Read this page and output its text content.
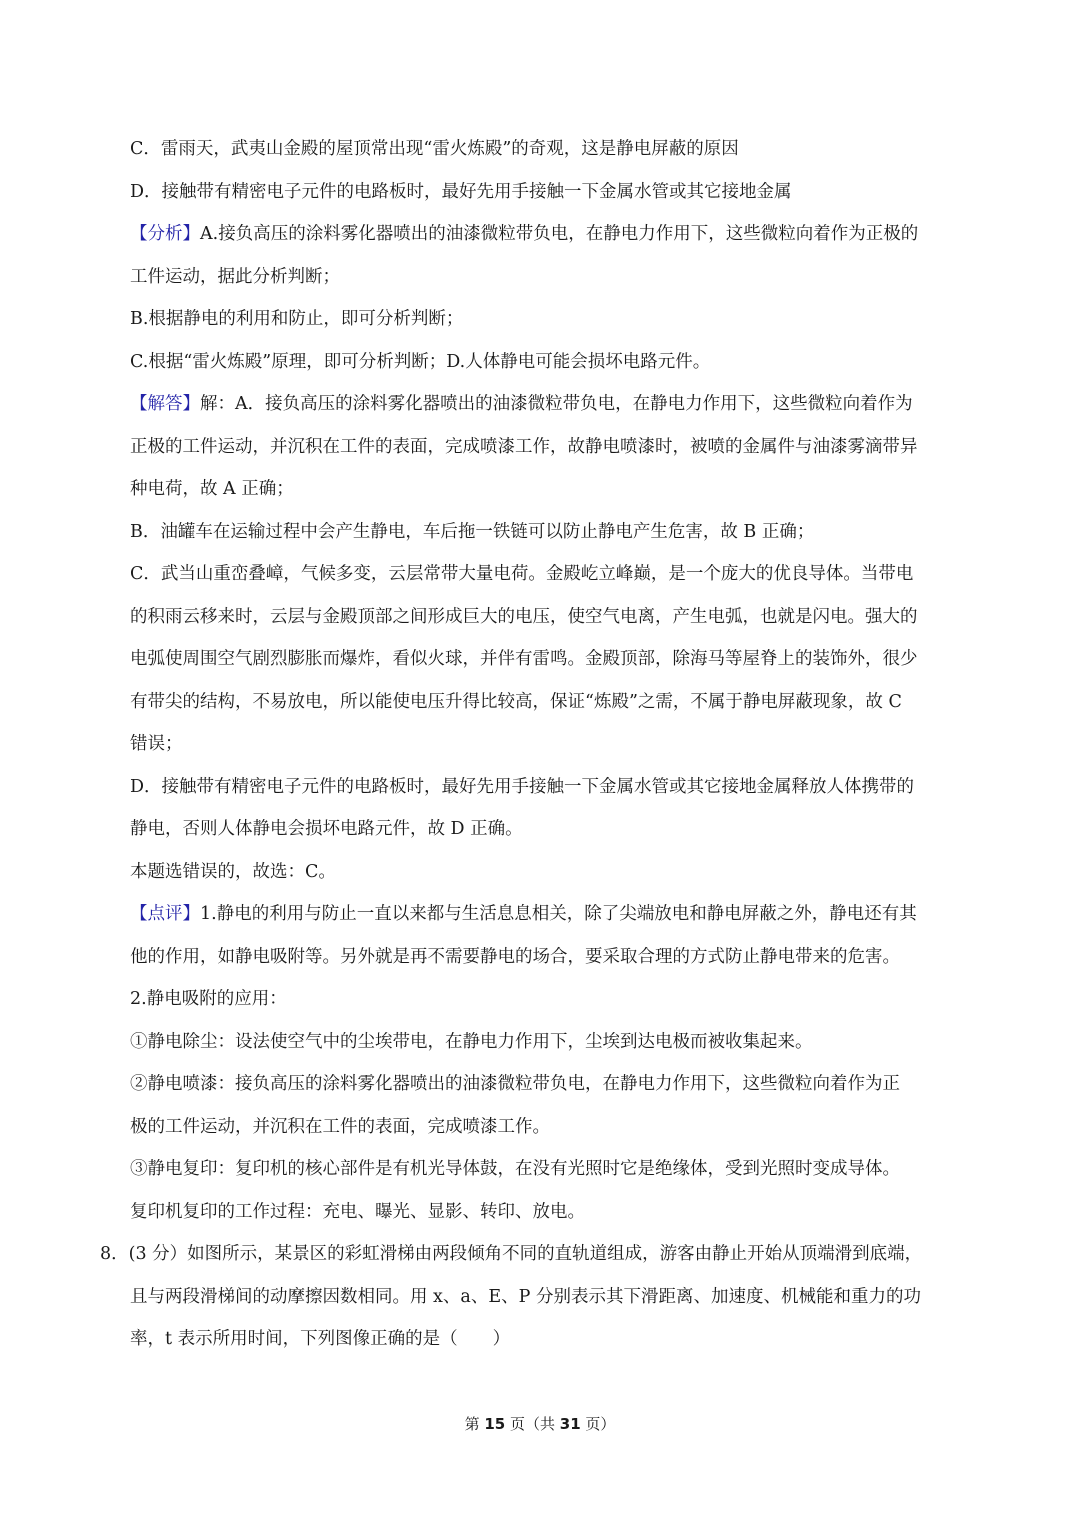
C．雷雨天，武夷山金殿的屋顶常出现“雷火炼殿”的奇观，这是静电屏蔽的原因
D．接触带有精密电子元件的电路板时，最好先用手接触一下金属水管或其它接地金属
【分析】A.接负高压的涂料雾化器喷出的油漆微粒带负电，在静电力作用下，这些微粒向着作为正极的
工件运动，据此分析判断；
B.根据静电的利用和防止，即可分析判断；
C.根据“雷火炼殿”原理，即可分析判断；D.人体静电可能会损坏电路元件。
【解答】解：A．接负高压的涂料雾化器喷出的油漆微粒带负电，在静电力作用下，这些微粒向着作为
正极的工件运动，并沉积在工件的表面，完成喷漆工作，故静电喷漆时，被喷的金属件与油漆雾滴带异
种电荷，故 A 正确；
B．油罐车在运输过程中会产生静电，车后拖一铁链可以防止静电产生危害，故 B 正确；
C．武当山重峦叠嶂，气候多变，云层常带大量电荷。金殿屹立峰巅，是一个庞大的优良导体。当带电
的积雨云移来时，云层与金殿顶部之间形成巨大的电压，使空气电离，产生电弧，也就是闪电。强大的
电弧使周围空气剧烈膨胀而爆炸，看似火球，并伴有雷鸣。金殿顶部，除海马等屋脊上的装饰外，很少
有带尖的结构，不易放电，所以能使电压升得比较高，保证“炼殿”之需，不属于静电屏蔽现象，故 C
错误；
D．接触带有精密电子元件的电路板时，最好先用手接触一下金属水管或其它接地金属释放人体携带的
静电，否则人体静电会损坏电路元件，故 D 正确。
本题选错误的，故选：C。
【点评】1.静电的利用与防止一直以来都与生活息息相关，除了尖端放电和静电屏蔽之外，静电还有其
他的作用，如静电吸附等。另外就是再不需要静电的场合，要采取合理的方式防止静电带来的危害。
2.静电吸附的应用：
①静电除尘：设法使空气中的尘埃带电，在静电力作用下，尘埃到达电极而被收集起来。
②静电喷漆：接负高压的涂料雾化器喷出的油漆微粒带负电，在静电力作用下，这些微粒向着作为正
极的工件运动，并沉积在工件的表面，完成喷漆工作。
③静电复印：复印机的核心部件是有机光导体鼓，在没有光照时它是绝缘体，受到光照时变成导体。
复印机复印的工作过程：充电、曝光、显影、转印、放电。
8．(3 分）如图所示，某景区的彩虹滑梯由两段倾角不同的直轨道组成，游客由静止开始从顶端滑到底端，
且与两段滑梯间的动摩擦因数相同。用 x、a、E、P 分别表示其下滑距离、加速度、机械能和重力的功
率，t 表示所用时间，下列图像正确的是（　　）
第 15 页（共 31 页）
